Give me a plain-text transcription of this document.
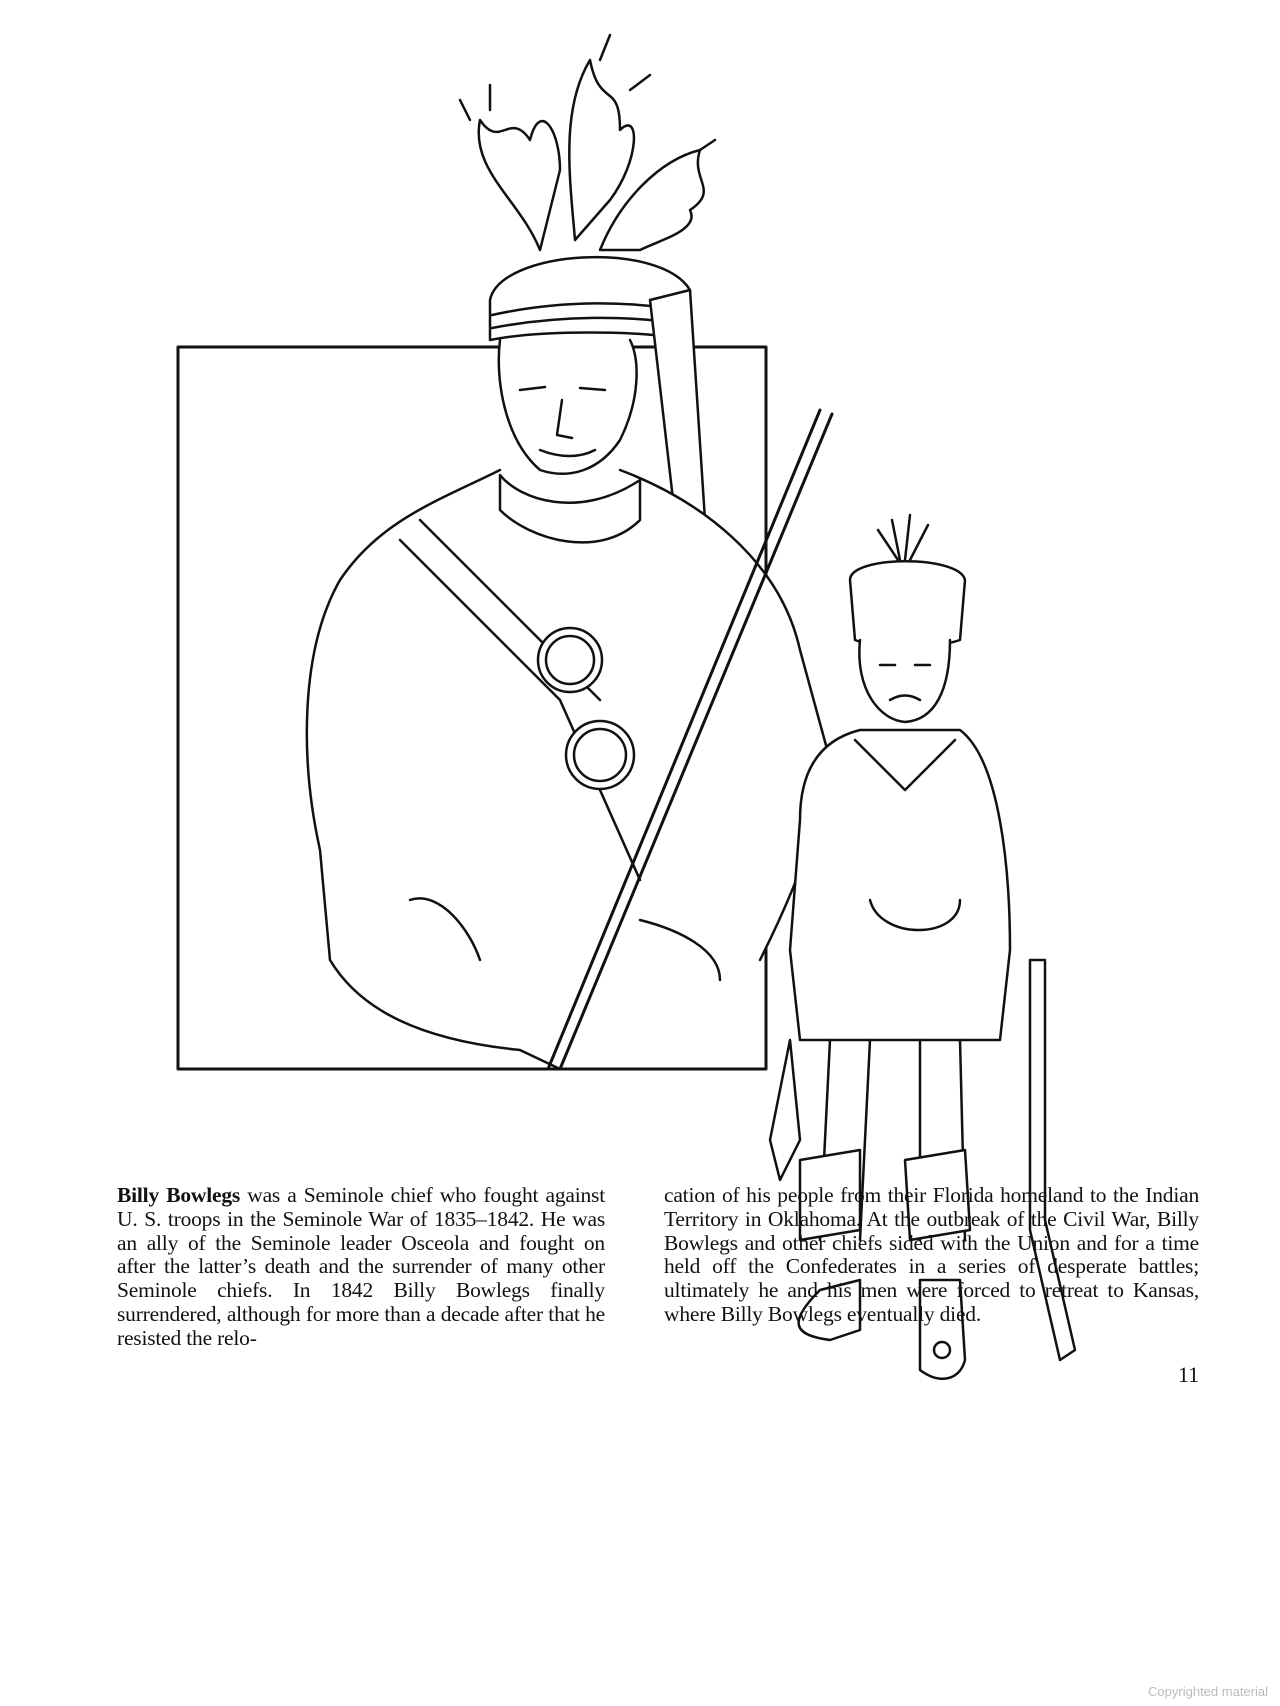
Billy Bowlegs was a Seminole chief who fought against U. S. troops in the Seminole War of 1835–1842. He was an ally of the Seminole leader Osceola and fought on after the latter’s death and the surrender of many other Seminole chiefs. In 1842 Billy Bowlegs finally surrendered, although for more than a decade after that he resisted the relo-
cation of his people from their Florida homeland to the Indian Territory in Oklahoma. At the outbreak of the Civil War, Billy Bowlegs and other chiefs sided with the Union and for a time held off the Confederates in a series of desperate battles; ultimately he and his men were forced to retreat to Kansas, where Billy Bowlegs eventually died.
11
Copyrighted material
